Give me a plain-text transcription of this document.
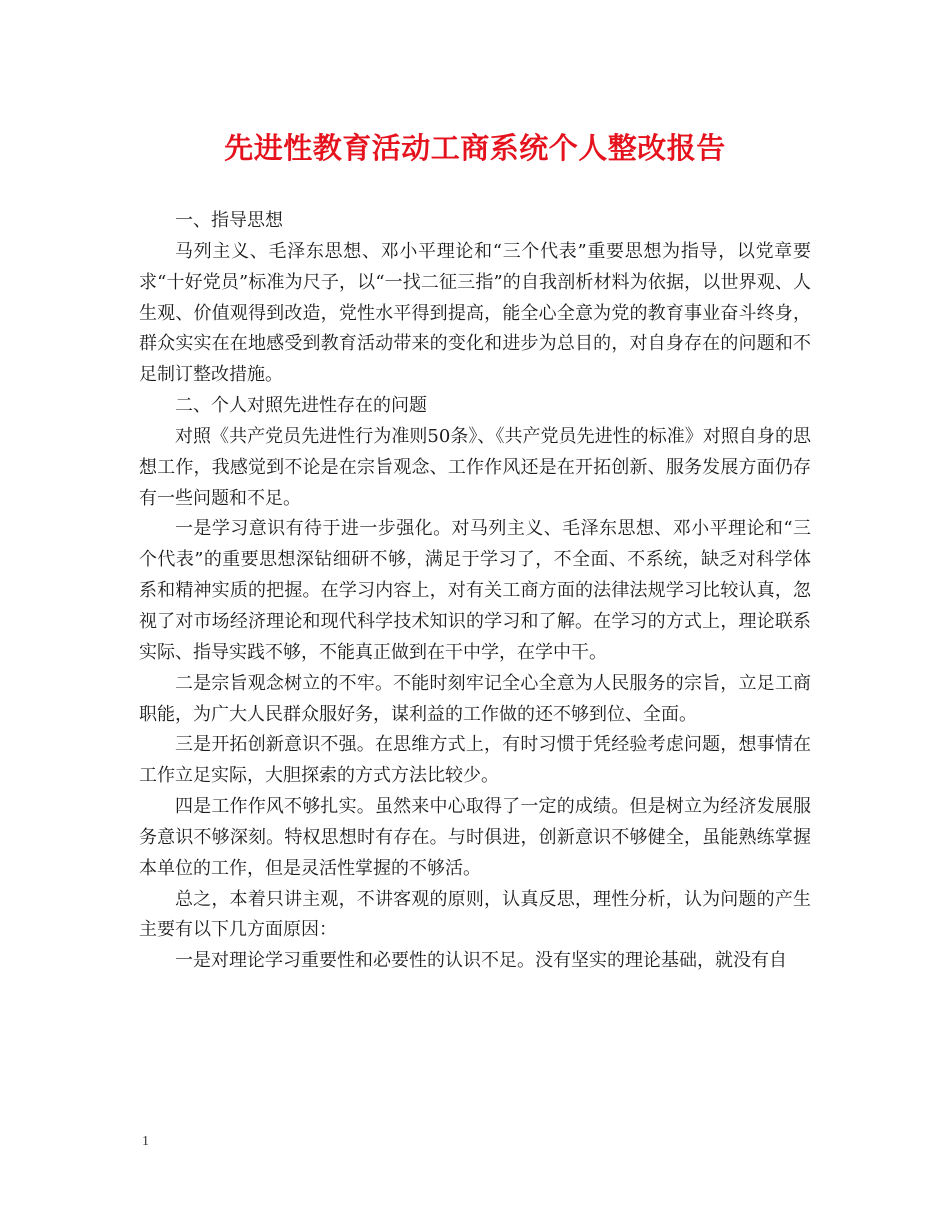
先进性教育活动工商系统个人整改报告

一、指导思想

马列主义、毛泽东思想、邓小平理论和“三个代表”重要思想为指导，以党章要求“十好党员”标准为尺子，以“一找二征三指”的自我剖析材料为依据，以世界观、人生观、价值观得到改造，党性水平得到提高，能全心全意为党的教育事业奋斗终身，群众实实在在地感受到教育活动带来的变化和进步为总目的，对自身存在的问题和不足制订整改措施。

二、个人对照先进性存在的问题

对照《共产党员先进性行为准则50条》、《共产党员先进性的标准》对照自身的思想工作，我感觉到不论是在宗旨观念、工作作风还是在开拓创新、服务发展方面仍存有一些问题和不足。

一是学习意识有待于进一步强化。对马列主义、毛泽东思想、邓小平理论和“三个代表”的重要思想深钻细研不够，满足于学习了，不全面、不系统，缺乏对科学体系和精神实质的把握。在学习内容上，对有关工商方面的法律法规学习比较认真，忽视了对市场经济理论和现代科学技术知识的学习和了解。在学习的方式上，理论联系实际、指导实践不够，不能真正做到在干中学，在学中干。

二是宗旨观念树立的不牢。不能时刻牢记全心全意为人民服务的宗旨，立足工商职能，为广大人民群众服好务，谋利益的工作做的还不够到位、全面。

三是开拓创新意识不强。在思维方式上，有时习惯于凭经验考虑问题，想事情在工作立足实际，大胆探索的方式方法比较少。

四是工作作风不够扎实。虽然来中心取得了一定的成绩。但是树立为经济发展服务意识不够深刻。特权思想时有存在。与时俱进，创新意识不够健全，虽能熟练掌握本单位的工作，但是灵活性掌握的不够活。

总之，本着只讲主观，不讲客观的原则，认真反思，理性分析，认为问题的产生主要有以下几方面原因：

一是对理论学习重要性和必要性的认识不足。没有坚实的理论基础，就没有自

1
